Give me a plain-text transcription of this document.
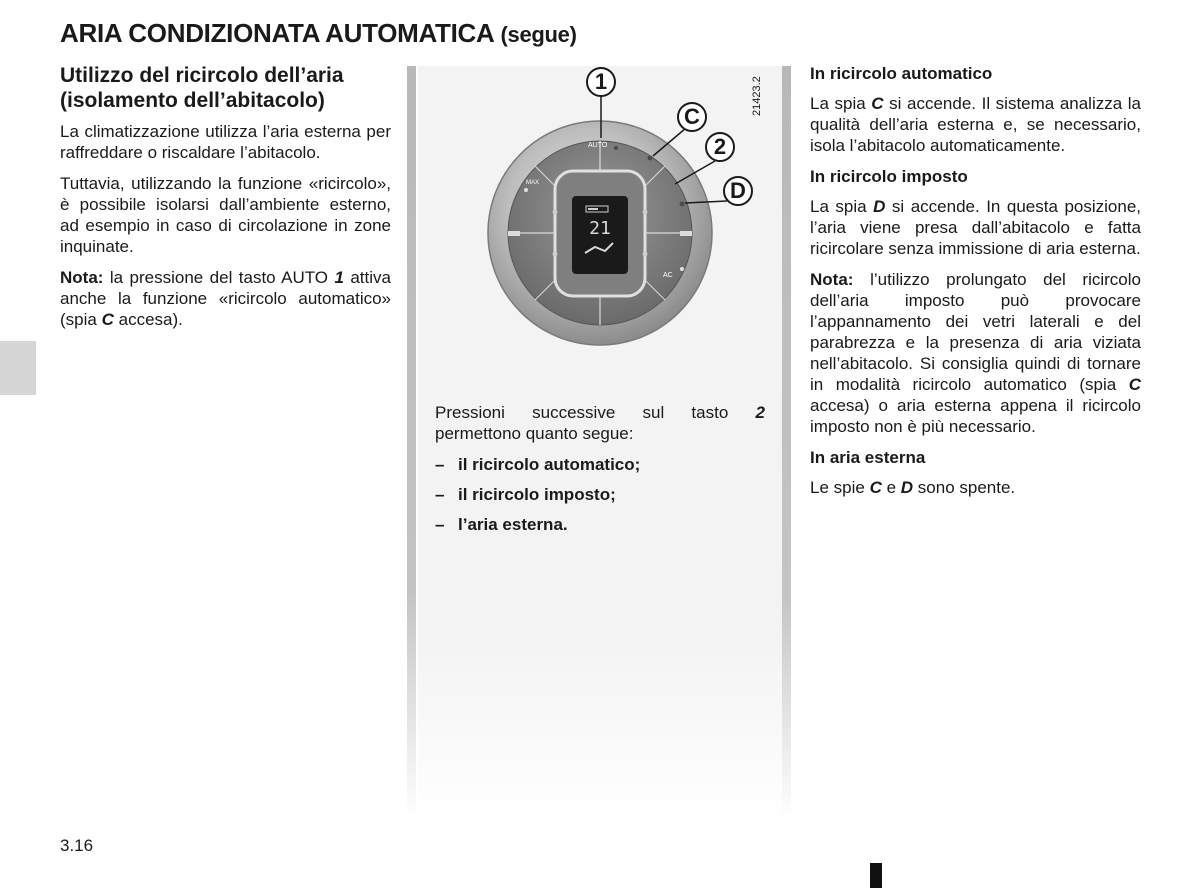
ARIA CONDIZIONATA AUTOMATICA (segue)
Utilizzo del ricircolo dell’aria
(isolamento dell’abitacolo)

La climatizzazione utilizza l’aria esterna per raffreddare o riscaldare l’abitacolo.

Tuttavia, utilizzando la funzione «ricircolo», è possibile isolarsi dall’ambiente esterno, ad esempio in caso di circolazione in zone inquinate.

Nota: la pressione del tasto AUTO 1 attiva anche la funzione «ricircolo automatico» (spia C accesa).

21
AUTO
MAX
AC
1
C
2
D
21423.2

Pressioni successive sul tasto 2 permettono quanto segue:

– il ricircolo automatico;
– il ricircolo imposto;
– l’aria esterna.
In ricircolo automatico

La spia C si accende. Il sistema analizza la qualità dell’aria esterna e, se necessario, isola l’abitacolo automaticamente.

In ricircolo imposto

La spia D si accende. In questa posizione, l’aria viene presa dall’abitacolo e fatta ricircolare senza immissione di aria esterna.

Nota: l’utilizzo prolungato del ricircolo dell’aria imposto può provocare l’appannamento dei vetri laterali e del parabrezza e la presenza di aria viziata nell’abitacolo. Si consiglia quindi di tornare in modalità ricircolo automatico (spia C accesa) o aria esterna appena il ricircolo imposto non è più necessario.

In aria esterna

Le spie C e D sono spente.

3.16
